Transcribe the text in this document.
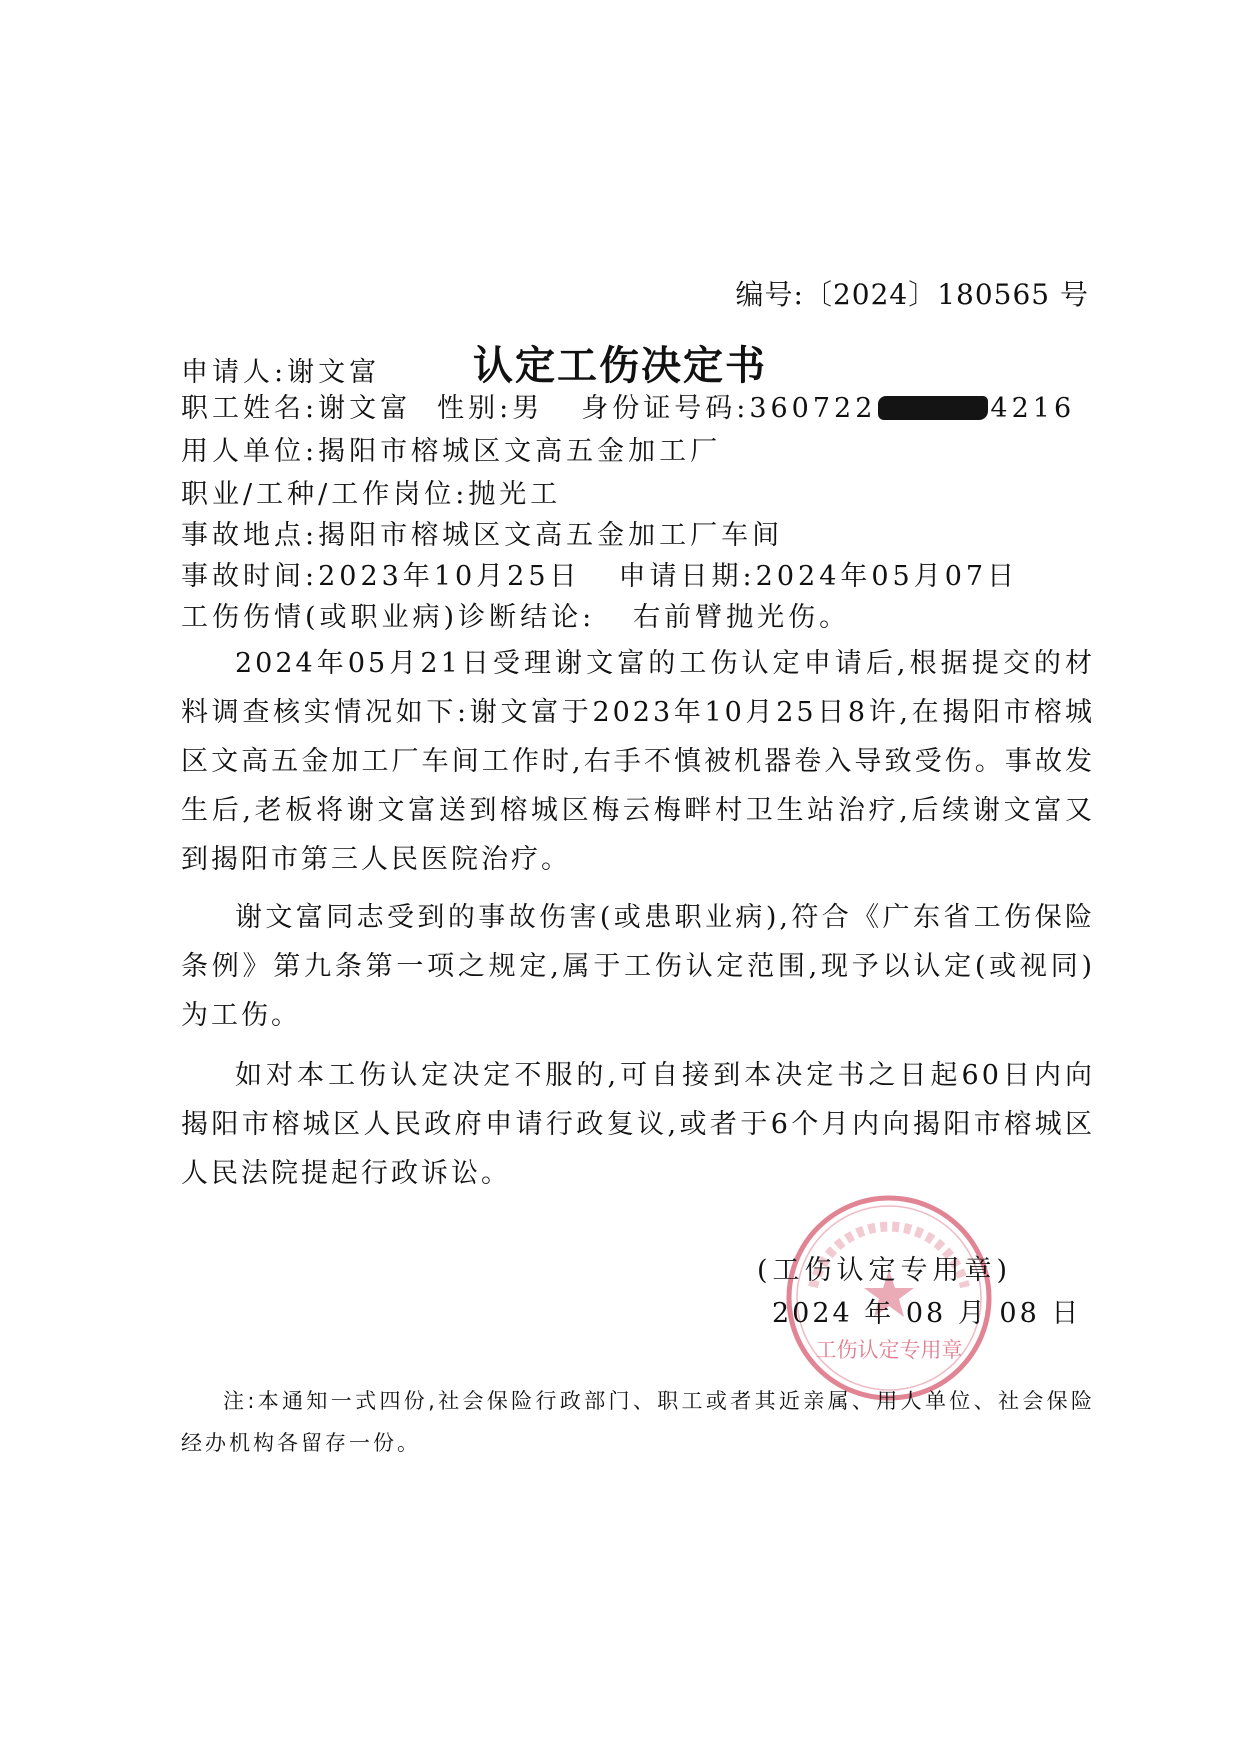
编号:〔2024〕180565 号
认定工伤决定书
申请人:谢文富
职工姓名:谢文富 性别:男 身份证号码:360722	4216
用人单位:揭阳市榕城区文高五金加工厂
职业/工种/工作岗位:抛光工
事故地点:揭阳市榕城区文高五金加工厂车间
事故时间:2023年10月25日 申请日期:2024年05月07日
工伤伤情(或职业病)诊断结论: 右前臂抛光伤。

2024年05月21日受理谢文富的工伤认定申请后,根据提交的材料调查核实情况如下:谢文富于2023年10月25日8许,在揭阳市榕城区文高五金加工厂车间工作时,右手不慎被机器卷入导致受伤。事故发生后,老板将谢文富送到榕城区梅云梅畔村卫生站治疗,后续谢文富又到揭阳市第三人民医院治疗。

谢文富同志受到的事故伤害(或患职业病),符合《广东省工伤保险条例》第九条第一项之规定,属于工伤认定范围,现予以认定(或视同)为工伤。

如对本工伤认定决定不服的,可自接到本决定书之日起60日内向揭阳市榕城区人民政府申请行政复议,或者于6个月内向揭阳市榕城区人民法院提起行政诉讼。

工伤认定专用章
(工伤认定专用章)
2024 年 08 月 08 日

注:本通知一式四份,社会保险行政部门、职工或者其近亲属、用人单位、社会保险经办机构各留存一份。
